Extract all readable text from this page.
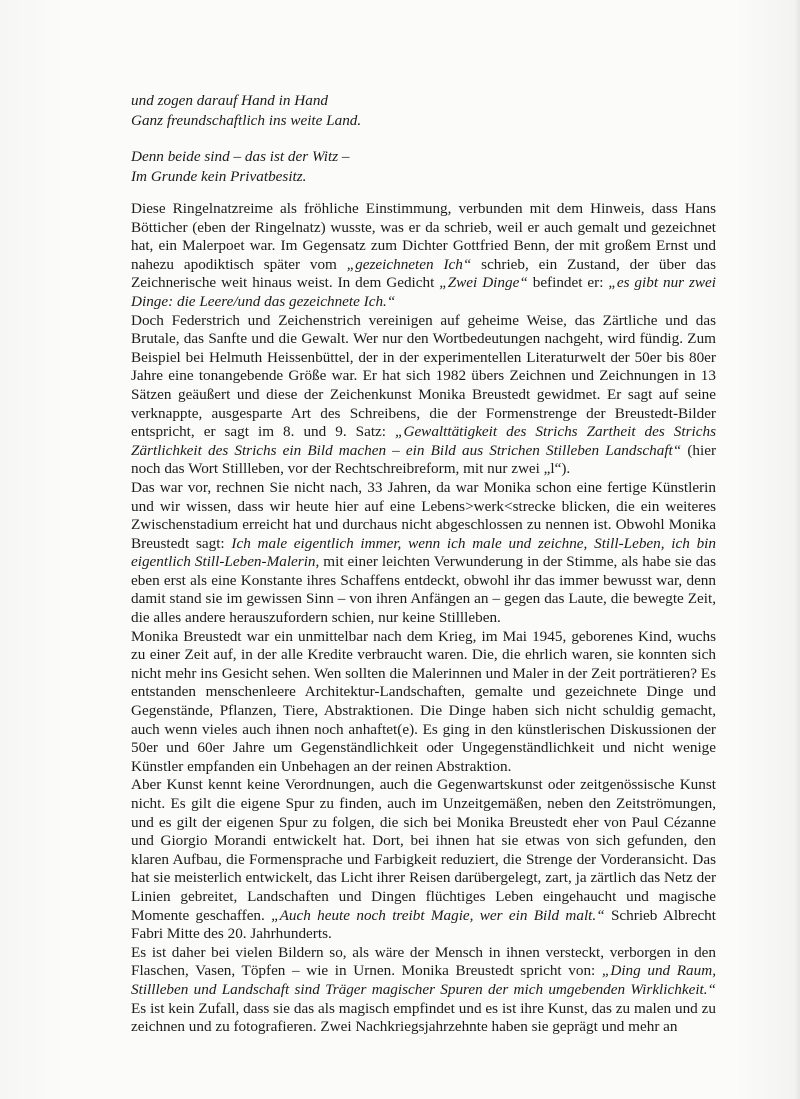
und zogen darauf Hand in Hand

Ganz freundschaftlich ins weite Land.

Denn beide sind – das ist der Witz –

Im Grunde kein Privatbesitz.

Diese Ringelnatzreime als fröhliche Einstimmung, verbunden mit dem Hinweis, dass Hans Bötticher (eben der Ringelnatz) wusste, was er da schrieb, weil er auch gemalt und gezeichnet hat, ein Malerpoet war. Im Gegensatz zum Dichter Gottfried Benn, der mit großem Ernst und nahezu apodiktisch später vom „gezeichneten Ich“ schrieb, ein Zustand, der über das Zeichnerische weit hinaus weist. In dem Gedicht „Zwei Dinge“ befindet er: „es gibt nur zwei Dinge: die Leere/und das gezeichnete Ich.“

Doch Federstrich und Zeichenstrich vereinigen auf geheime Weise, das Zärtliche und das Brutale, das Sanfte und die Gewalt. Wer nur den Wortbedeutungen nachgeht, wird fündig. Zum Beispiel bei Helmuth Heissenbüttel, der in der experimentellen Literaturwelt der 50er bis 80er Jahre eine tonangebende Größe war. Er hat sich 1982 übers Zeichnen und Zeichnungen in 13 Sätzen geäußert und diese der Zeichenkunst Monika Breustedt gewidmet. Er sagt auf seine verknappte, ausgesparte Art des Schreibens, die der Formenstrenge der Breustedt-Bilder entspricht, er sagt im 8. und 9. Satz: „Gewalttätigkeit des Strichs Zartheit des Strichs Zärtlichkeit des Strichs ein Bild machen – ein Bild aus Strichen Stilleben Landschaft“ (hier noch das Wort Stillleben, vor der Rechtschreibreform, mit nur zwei „l“).

Das war vor, rechnen Sie nicht nach, 33 Jahren, da war Monika schon eine fertige Künstlerin und wir wissen, dass wir heute hier auf eine Lebens>werk<strecke blicken, die ein weiteres Zwischenstadium erreicht hat und durchaus nicht abgeschlossen zu nennen ist. Obwohl Monika Breustedt sagt: Ich male eigentlich immer, wenn ich male und zeichne, Still-Leben, ich bin eigentlich Still-Leben-Malerin, mit einer leichten Verwunderung in der Stimme, als habe sie das eben erst als eine Konstante ihres Schaffens entdeckt, obwohl ihr das immer bewusst war, denn damit stand sie im gewissen Sinn – von ihren Anfängen an – gegen das Laute, die bewegte Zeit, die alles andere herauszufordern schien, nur keine Stillleben.

Monika Breustedt war ein unmittelbar nach dem Krieg, im Mai 1945, geborenes Kind, wuchs zu einer Zeit auf, in der alle Kredite verbraucht waren. Die, die ehrlich waren, sie konnten sich nicht mehr ins Gesicht sehen. Wen sollten die Malerinnen und Maler in der Zeit porträtieren? Es entstanden menschenleere Architektur-Landschaften, gemalte und gezeichnete Dinge und Gegenstände, Pflanzen, Tiere, Abstraktionen. Die Dinge haben sich nicht schuldig gemacht, auch wenn vieles auch ihnen noch anhaftet(e). Es ging in den künstlerischen Diskussionen der 50er und 60er Jahre um Gegenständlichkeit oder Ungegenständlichkeit und nicht wenige Künstler empfanden ein Unbehagen an der reinen Abstraktion.

Aber Kunst kennt keine Verordnungen, auch die Gegenwartskunst oder zeitgenössische Kunst nicht. Es gilt die eigene Spur zu finden, auch im Unzeitgemäßen, neben den Zeitströmungen, und es gilt der eigenen Spur zu folgen, die sich bei Monika Breustedt eher von Paul Cézanne und Giorgio Morandi entwickelt hat. Dort, bei ihnen hat sie etwas von sich gefunden, den klaren Aufbau, die Formensprache und Farbigkeit reduziert, die Strenge der Vorderansicht. Das hat sie meisterlich entwickelt, das Licht ihrer Reisen darübergelegt, zart, ja zärtlich das Netz der Linien gebreitet, Landschaften und Dingen flüchtiges Leben eingehaucht und magische Momente geschaffen. „Auch heute noch treibt Magie, wer ein Bild malt.“ Schrieb Albrecht Fabri Mitte des 20. Jahrhunderts.

Es ist daher bei vielen Bildern so, als wäre der Mensch in ihnen versteckt, verborgen in den Flaschen, Vasen, Töpfen – wie in Urnen. Monika Breustedt spricht von: „Ding und Raum, Stillleben und Landschaft sind Träger magischer Spuren der mich umgebenden Wirklichkeit.“ Es ist kein Zufall, dass sie das als magisch empfindet und es ist ihre Kunst, das zu malen und zu zeichnen und zu fotografieren. Zwei Nachkriegsjahrzehnte haben sie geprägt und mehr an
